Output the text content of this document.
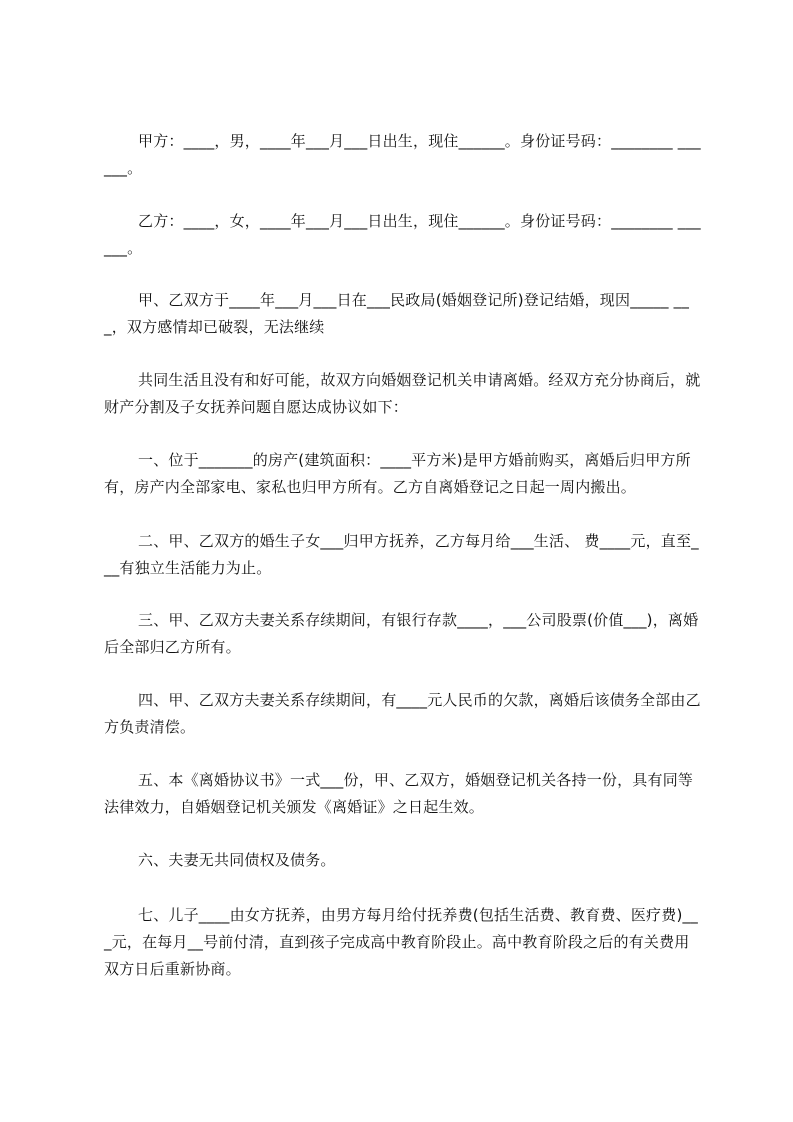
甲方：____，男，____年___月___日出生，现住______。身份证号码：________ ______。

乙方：____，女，____年___月___日出生，现住______。身份证号码：________ ______。

甲、乙双方于____年___月___日在___民政局(婚姻登记所)登记结婚，现因_____ ___，双方感情却已破裂，无法继续

共同生活且没有和好可能，故双方向婚姻登记机关申请离婚。经双方充分协商后，就财产分割及子女抚养问题自愿达成协议如下：

一、位于_______的房产(建筑面积：____平方米)是甲方婚前购买，离婚后归甲方所有，房产内全部家电、家私也归甲方所有。乙方自离婚登记之日起一周内搬出。

二、甲、乙双方的婚生子女___归甲方抚养，乙方每月给___生活、 费____元，直至___有独立生活能力为止。

三、甲、乙双方夫妻关系存续期间，有银行存款____，___公司股票(价值___)，离婚后全部归乙方所有。

四、甲、乙双方夫妻关系存续期间，有____元人民币的欠款，离婚后该债务全部由乙方负责清偿。

五、本《离婚协议书》一式___份，甲、乙双方，婚姻登记机关各持一份，具有同等法律效力，自婚姻登记机关颁发《离婚证》之日起生效。

六、夫妻无共同债权及债务。

七、儿子____由女方抚养，由男方每月给付抚养费(包括生活费、教育费、医疗费)___元，在每月__号前付清，直到孩子完成高中教育阶段止。高中教育阶段之后的有关费用双方日后重新协商。
